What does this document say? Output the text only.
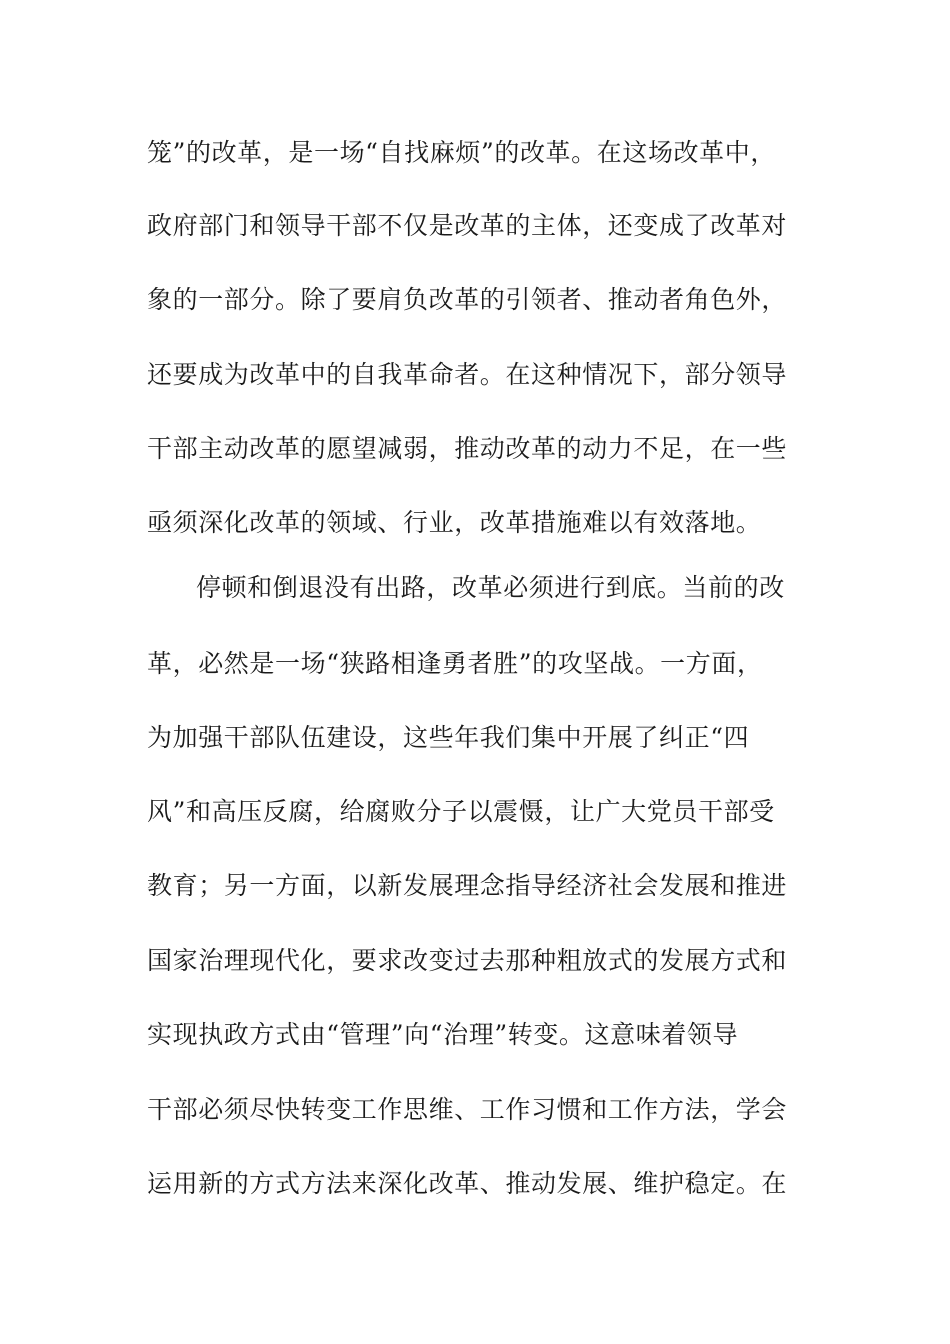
笼”的改革，是一场“自找麻烦”的改革。在这场改革中，
政府部门和领导干部不仅是改革的主体，还变成了改革对
象的一部分。除了要肩负改革的引领者、推动者角色外，
还要成为改革中的自我革命者。在这种情况下，部分领导
干部主动改革的愿望减弱，推动改革的动力不足，在一些
亟须深化改革的领域、行业，改革措施难以有效落地。
停顿和倒退没有出路，改革必须进行到底。当前的改
革，必然是一场“狭路相逢勇者胜”的攻坚战。一方面，
为加强干部队伍建设，这些年我们集中开展了纠正“四
风”和高压反腐，给腐败分子以震慑，让广大党员干部受
教育；另一方面，以新发展理念指导经济社会发展和推进
国家治理现代化，要求改变过去那种粗放式的发展方式和
实现执政方式由“管理”向“治理”转变。这意味着领导
干部必须尽快转变工作思维、工作习惯和工作方法，学会
运用新的方式方法来深化改革、推动发展、维护稳定。在
